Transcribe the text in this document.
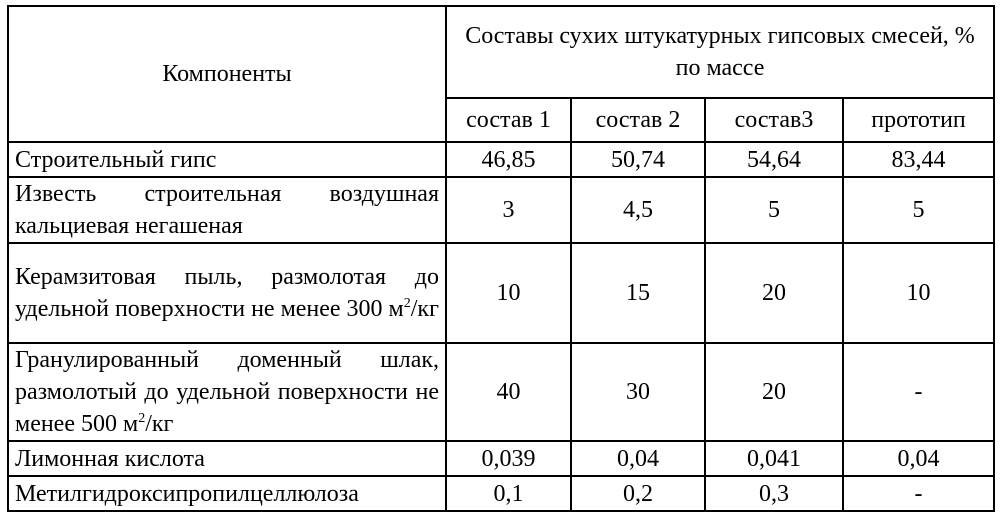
Компоненты	Составы сухих штукатурных гипсовых смесей, % по массе			
	состав 1	состав 2	состав3	прототип
Строительный гипс	46,85	50,74	54,64	83,44
Известь строительная воздушная кальциевая негашеная	3	4,5	5	5
Керамзитовая пыль, размолотая до удельной поверхности не менее 300 $м^2/кг$	10	15	20	10
Гранулированный доменный шлак, размолотый до удельной поверхности не менее 500 $м^2/кг$	40	30	20	-
Лимонная кислота	0,039	0,04	0,041	0,04
Метилгидроксипропилцеллюлоза	0,1	0,2	0,3	-
